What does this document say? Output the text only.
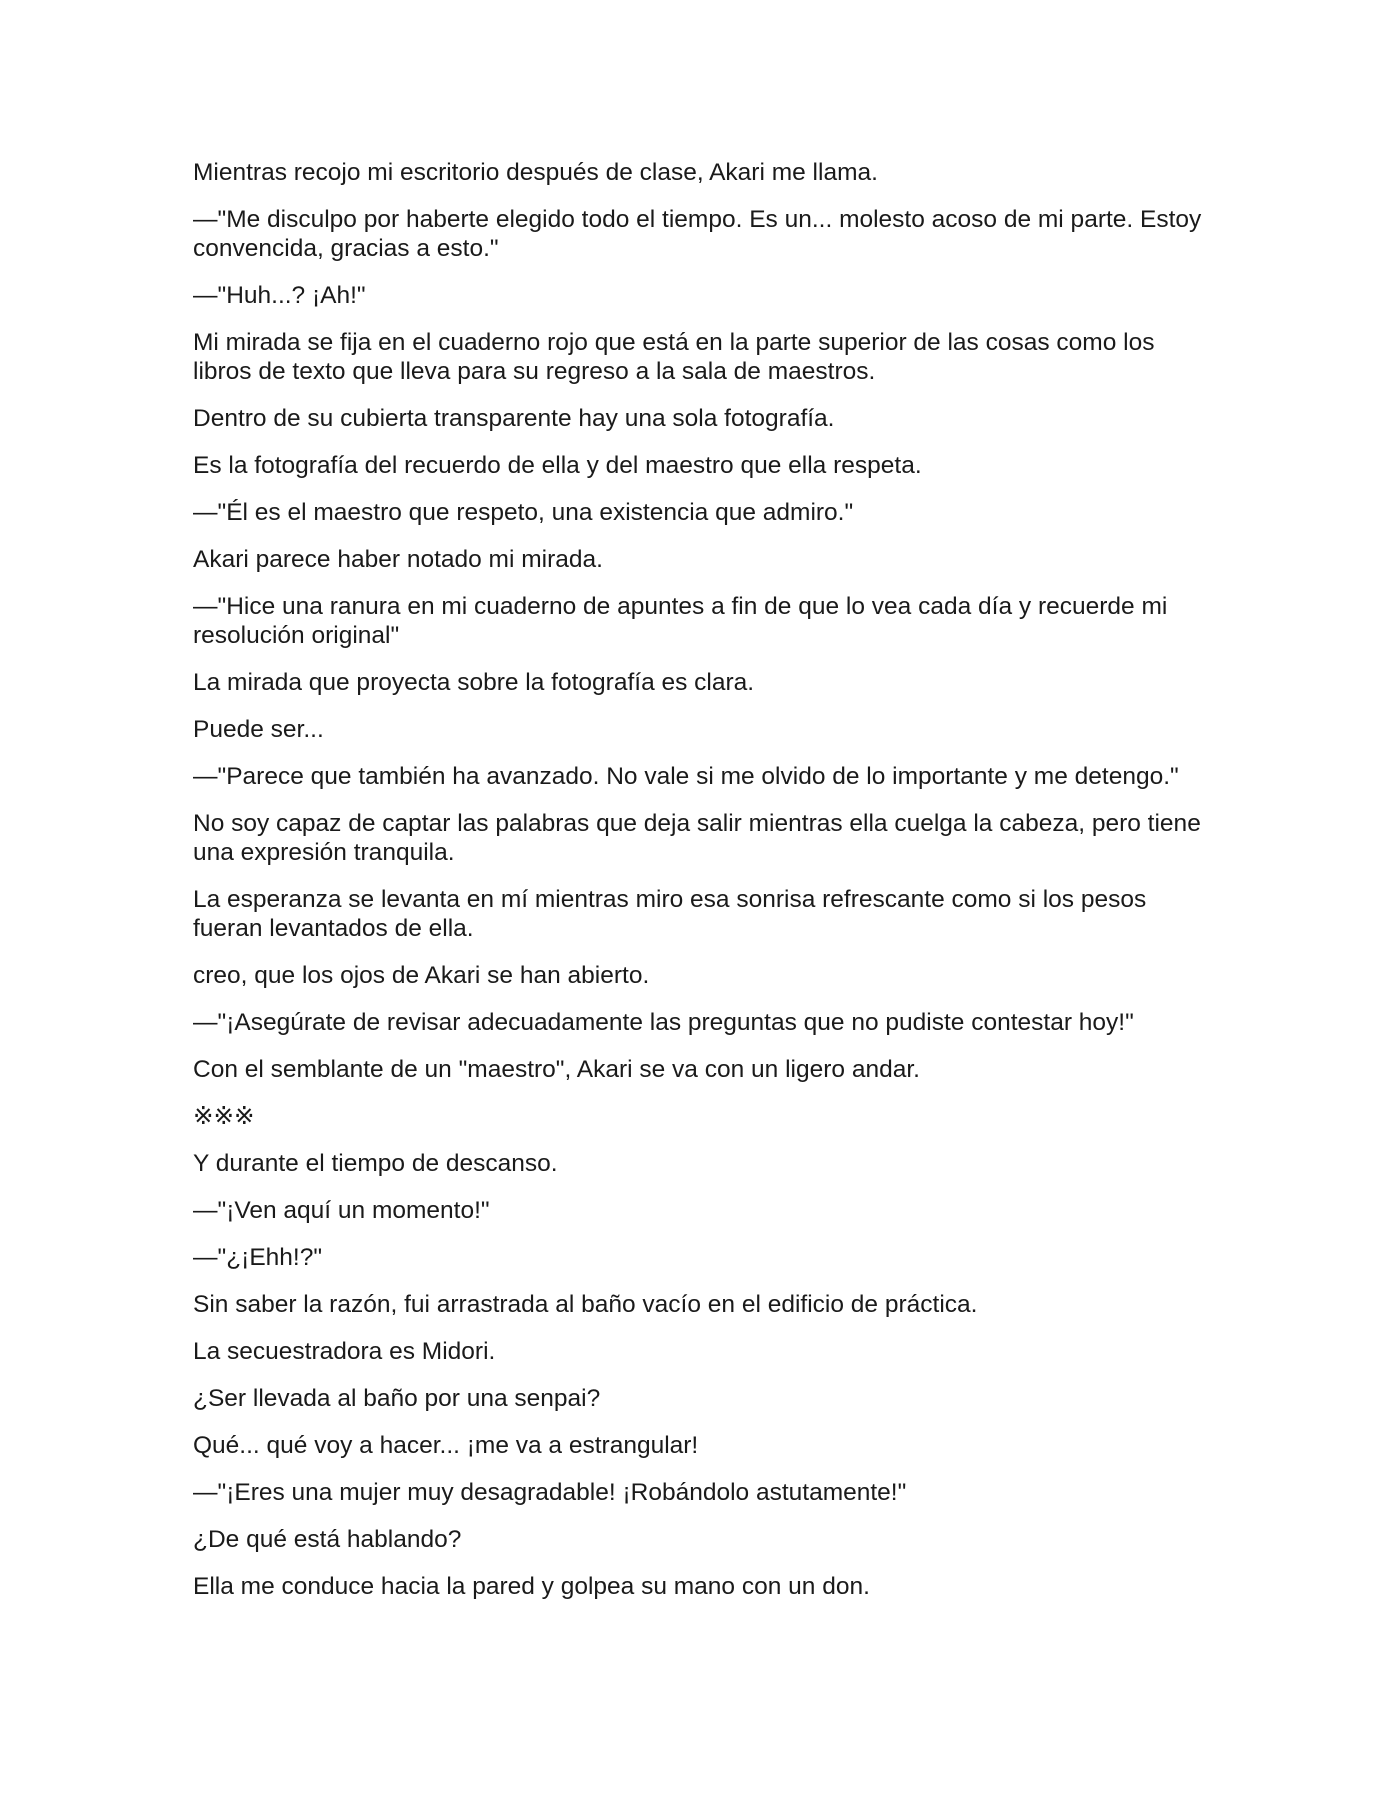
Mientras recojo mi escritorio después de clase, Akari me llama.

—"Me disculpo por haberte elegido todo el tiempo. Es un... molesto acoso de mi parte. Estoy convencida, gracias a esto."

—"Huh...? ¡Ah!"

Mi mirada se fija en el cuaderno rojo que está en la parte superior de las cosas como los libros de texto que lleva para su regreso a la sala de maestros.

Dentro de su cubierta transparente hay una sola fotografía.

Es la fotografía del recuerdo de ella y del maestro que ella respeta.

—"Él es el maestro que respeto, una existencia que admiro."

Akari parece haber notado mi mirada.

—"Hice una ranura en mi cuaderno de apuntes a fin de que lo vea cada día y recuerde mi resolución original"

La mirada que proyecta sobre la fotografía es clara.

Puede ser...

—"Parece que también ha avanzado. No vale si me olvido de lo importante y me detengo."

No soy capaz de captar las palabras que deja salir mientras ella cuelga la cabeza, pero tiene una expresión tranquila.

La esperanza se levanta en mí mientras miro esa sonrisa refrescante como si los pesos fueran levantados de ella.

creo, que los ojos de Akari se han abierto.

—"¡Asegúrate de revisar adecuadamente las preguntas que no pudiste contestar hoy!"

Con el semblante de un "maestro", Akari se va con un ligero andar.

※※※

Y durante el tiempo de descanso.

—"¡Ven aquí un momento!"

—"¿¡Ehh!?"

Sin saber la razón, fui arrastrada al baño vacío en el edificio de práctica.

La secuestradora es Midori.

¿Ser llevada al baño por una senpai?

Qué... qué voy a hacer... ¡me va a estrangular!

—"¡Eres una mujer muy desagradable! ¡Robándolo astutamente!"

¿De qué está hablando?

Ella me conduce hacia la pared y golpea su mano con un don.
